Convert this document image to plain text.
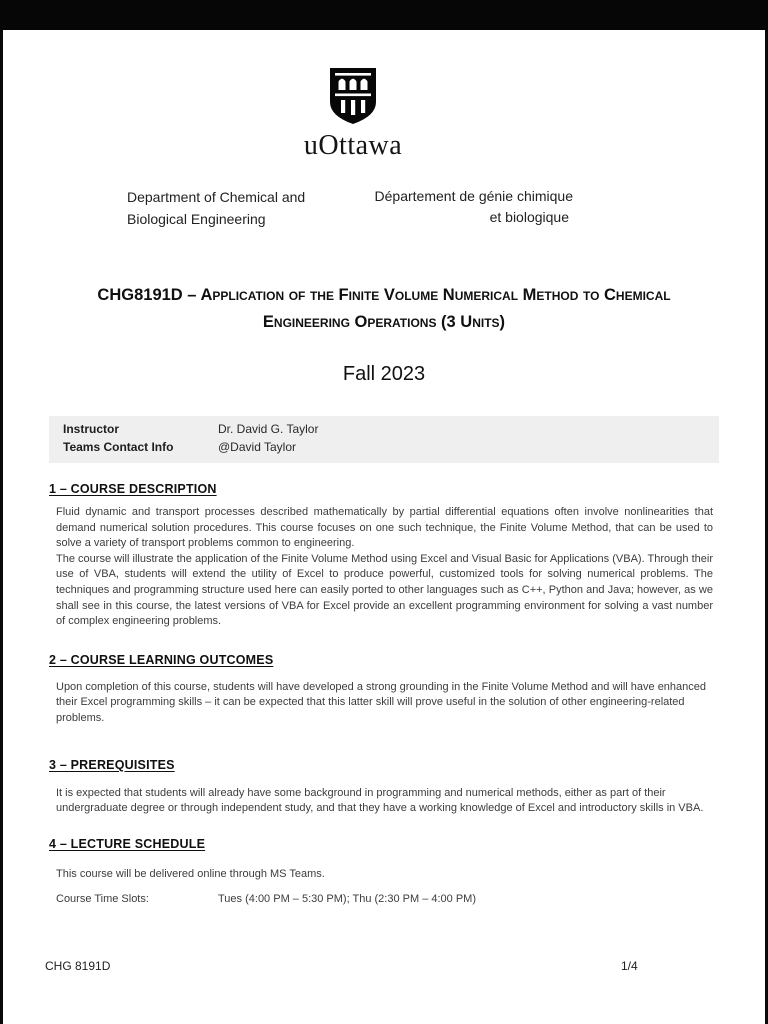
uOttawa
Department of Chemical and
Biological Engineering
Département de génie chimique
et biologique
CHG8191D – Application of the Finite Volume Numerical Method to Chemical Engineering Operations (3 Units)
Fall 2023
Instructor	Dr. David G. Taylor
Teams Contact Info	@David Taylor
1 – COURSE DESCRIPTION
Fluid dynamic and transport processes described mathematically by partial differential equations often involve nonlinearities that demand numerical solution procedures. This course focuses on one such technique, the Finite Volume Method, that can be used to solve a variety of transport problems common to engineering.
The course will illustrate the application of the Finite Volume Method using Excel and Visual Basic for Applications (VBA). Through their use of VBA, students will extend the utility of Excel to produce powerful, customized tools for solving numerical problems. The techniques and programming structure used here can easily ported to other languages such as C++, Python and Java; however, as we shall see in this course, the latest versions of VBA for Excel provide an excellent programming environment for solving a vast number of complex engineering problems.
2 – COURSE LEARNING OUTCOMES
Upon completion of this course, students will have developed a strong grounding in the Finite Volume Method and will have enhanced their Excel programming skills – it can be expected that this latter skill will prove useful in the solution of other engineering-related problems.
3 – PREREQUISITES
It is expected that students will already have some background in programming and numerical methods, either as part of their undergraduate degree or through independent study, and that they have a working knowledge of Excel and introductory skills in VBA.
4 – LECTURE SCHEDULE
This course will be delivered online through MS Teams.
Course Time Slots:	Tues (4:00 PM – 5:30 PM); Thu (2:30 PM – 4:00 PM)
CHG 8191D	1/4
